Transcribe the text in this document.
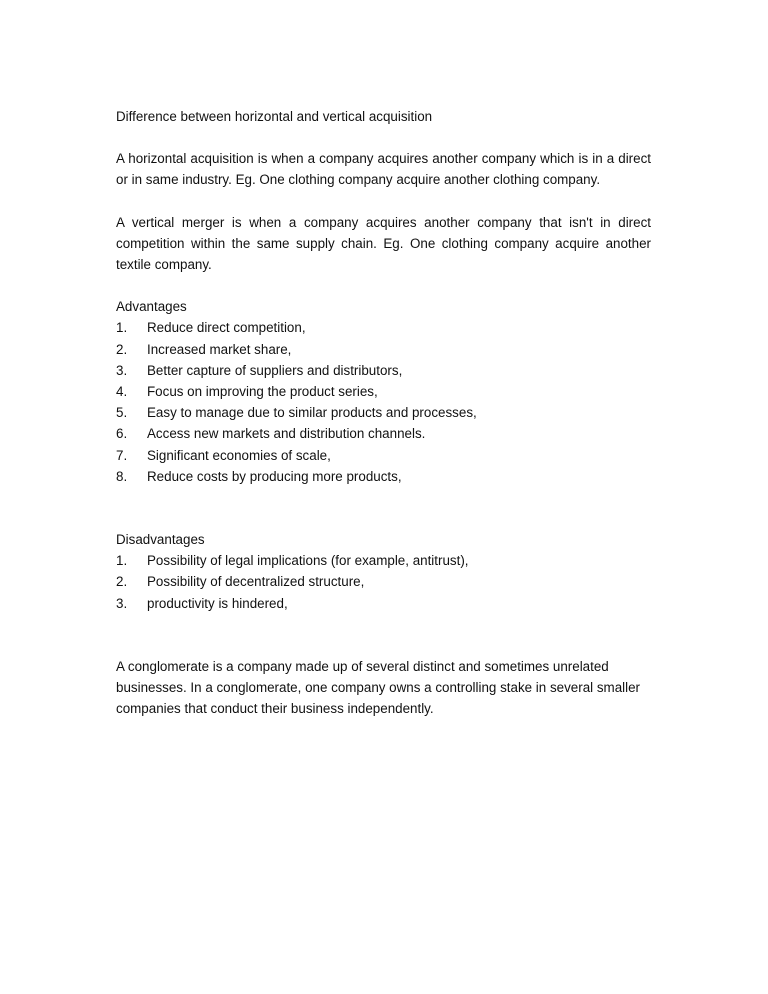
Difference between horizontal and vertical acquisition

A horizontal acquisition is when a company acquires another company which is in a direct or in same industry. Eg. One clothing company acquire another clothing company.

A vertical merger is when a company acquires another company that isn't in direct competition within the same supply chain. Eg. One clothing company acquire another textile company.

Advantages

1. Reduce direct competition,
2. Increased market share,
3. Better capture of suppliers and distributors,
4. Focus on improving the product series,
5. Easy to manage due to similar products and processes,
6. Access new markets and distribution channels.
7. Significant economies of scale,
8. Reduce costs by producing more products,

Disadvantages

1. Possibility of legal implications (for example, antitrust),
2. Possibility of decentralized structure,
3. productivity is hindered,

A conglomerate is a company made up of several distinct and sometimes unrelated businesses. In a conglomerate, one company owns a controlling stake in several smaller companies that conduct their business independently.
